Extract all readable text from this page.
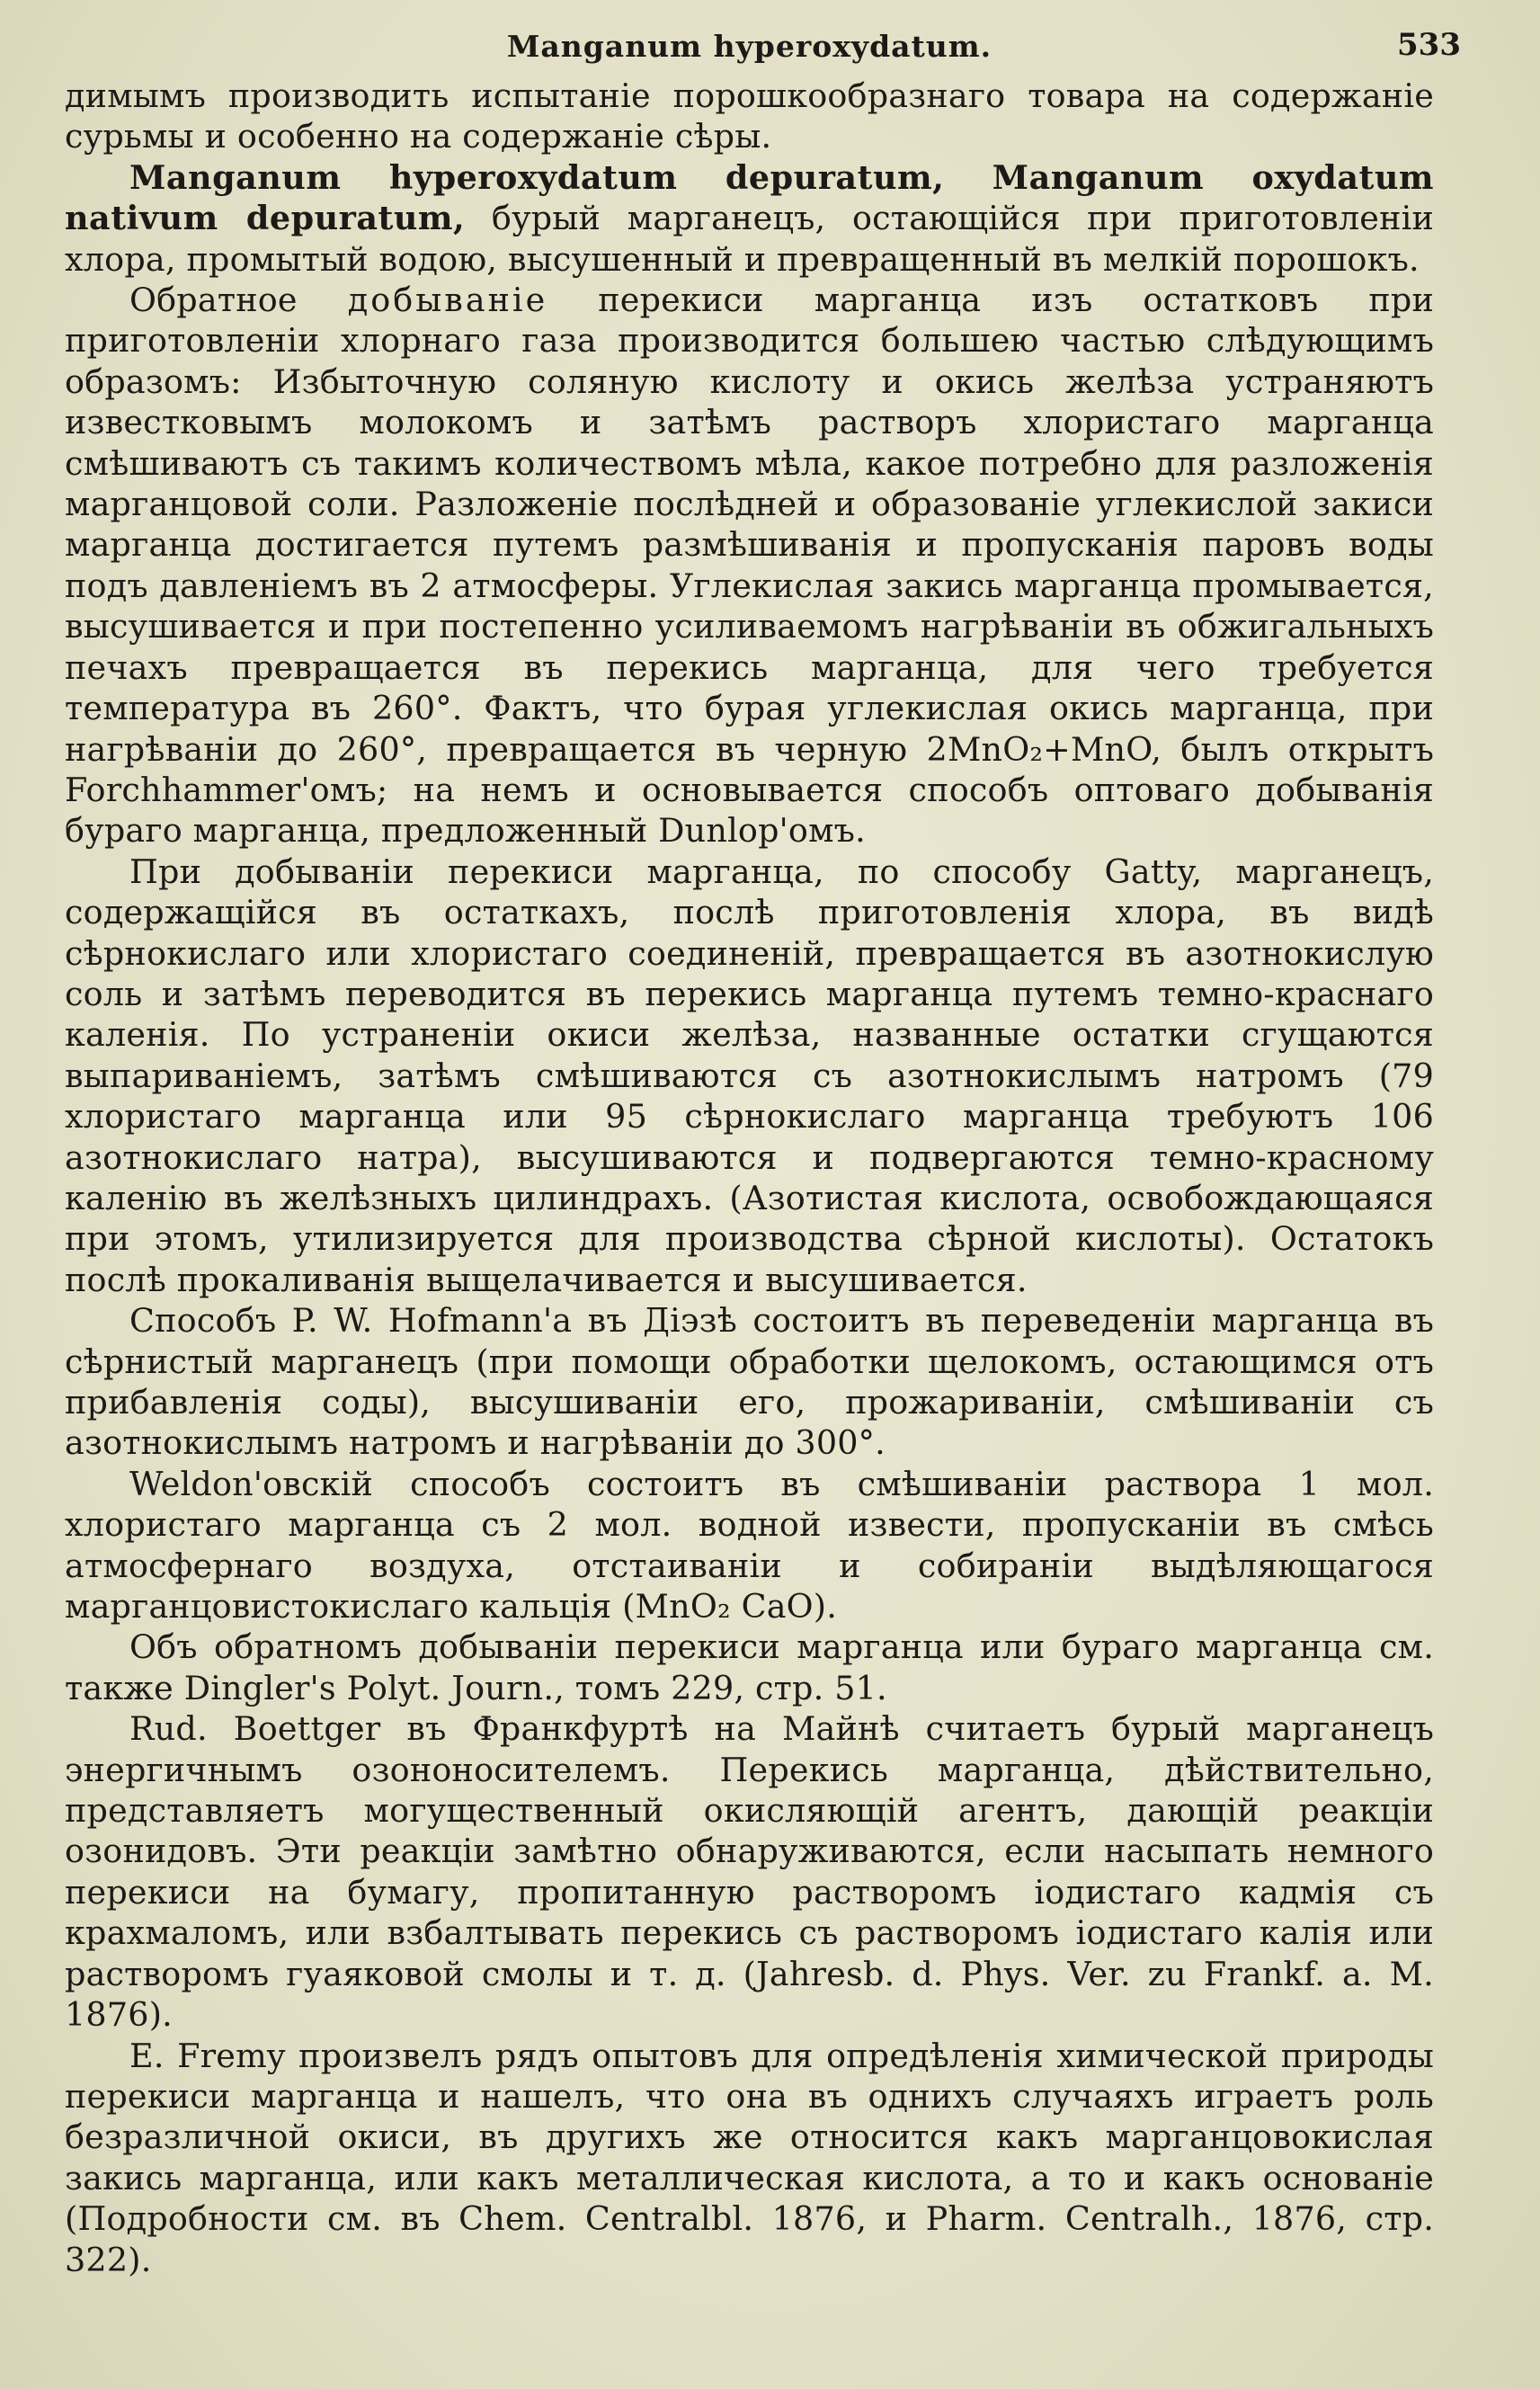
Manganum hyperoxydatum.	533

димымъ производить испытаніе порошкообразнаго товара на содержаніе сурьмы и особенно на содержаніе сѣры.

Manganum hyperoxydatum depuratum, Manganum oxydatum nativum depuratum, бурый марганецъ, остающійся при приготовленіи хлора, промытый водою, высушенный и превращенный въ мелкій порошокъ.

Обратное добываніе перекиси марганца изъ остатковъ при приготовленіи хлорнаго газа производится большею частью слѣдующимъ образомъ: Избыточную соляную кислоту и окись желѣза устраняютъ известковымъ молокомъ и затѣмъ растворъ хлористаго марганца смѣшиваютъ съ такимъ количествомъ мѣла, какое потребно для разложенія марганцовой соли. Разложеніе послѣдней и образованіе углекислой закиси марганца достигается путемъ размѣшиванія и пропусканія паровъ воды подъ давленіемъ въ 2 атмосферы. Углекислая закись марганца промывается, высушивается и при постепенно усиливаемомъ нагрѣваніи въ обжигальныхъ печахъ превращается въ перекись марганца, для чего требуется температура въ 260°. Фактъ, что бурая углекислая окись марганца, при нагрѣваніи до 260°, превращается въ черную 2MnO₂+MnO, былъ открытъ Forchhammer'омъ; на немъ и основывается способъ оптоваго добыванія бураго марганца, предложенный Dunlop'омъ.

При добываніи перекиси марганца, по способу Gatty, марганецъ, содержащійся въ остаткахъ, послѣ приготовленія хлора, въ видѣ сѣрнокислаго или хлористаго соединеній, превращается въ азотнокислую соль и затѣмъ переводится въ перекись марганца путемъ темно-краснаго каленія. По устраненіи окиси желѣза, названные остатки сгущаются выпариваніемъ, затѣмъ смѣшиваются съ азотнокислымъ натромъ (79 хлористаго марганца или 95 сѣрнокислаго марганца требуютъ 106 азотнокислаго натра), высушиваются и подвергаются темно-красному каленію въ желѣзныхъ цилиндрахъ. (Азотистая кислота, освобождающаяся при этомъ, утилизируется для производства сѣрной кислоты). Остатокъ послѣ прокаливанія выщелачивается и высушивается.

Способъ P. W. Hofmann'a въ Діэзѣ состоитъ въ переведеніи марганца въ сѣрнистый марганецъ (при помощи обработки щелокомъ, остающимся отъ прибавленія соды), высушиваніи его, прожариваніи, смѣшиваніи съ азотнокислымъ натромъ и нагрѣваніи до 300°.

Weldon'овскій способъ состоитъ въ смѣшиваніи раствора 1 мол. хлористаго марганца съ 2 мол. водной извести, пропусканіи въ смѣсь атмосфернаго воздуха, отстаиваніи и собираніи выдѣляющагося марганцовистокислаго кальція (MnO₂ CaO).

Объ обратномъ добываніи перекиси марганца или бураго марганца см. также Dingler's Polyt. Journ., томъ 229, стр. 51.

Rud. Boettger въ Франкфуртѣ на Майнѣ считаетъ бурый марганецъ энергичнымъ озононосителемъ. Перекись марганца, дѣйствительно, представляетъ могущественный окисляющій агентъ, дающій реакціи озонидовъ. Эти реакціи замѣтно обнаруживаются, если насыпать немного перекиси на бумагу, пропитанную растворомъ іодистаго кадмія съ крахмаломъ, или взбалтывать перекись съ растворомъ іодистаго калія или растворомъ гуаяковой смолы и т. д. (Jahresb. d. Phys. Ver. zu Frankf. a. M. 1876).

E. Fremy произвелъ рядъ опытовъ для опредѣленія химической природы перекиси марганца и нашелъ, что она въ однихъ случаяхъ играетъ роль безразличной окиси, въ другихъ же относится какъ марганцовокислая закись марганца, или какъ металлическая кислота, а то и какъ основаніе (Подробности см. въ Chem. Centralbl. 1876, и Pharm. Centralh., 1876, стр. 322).
